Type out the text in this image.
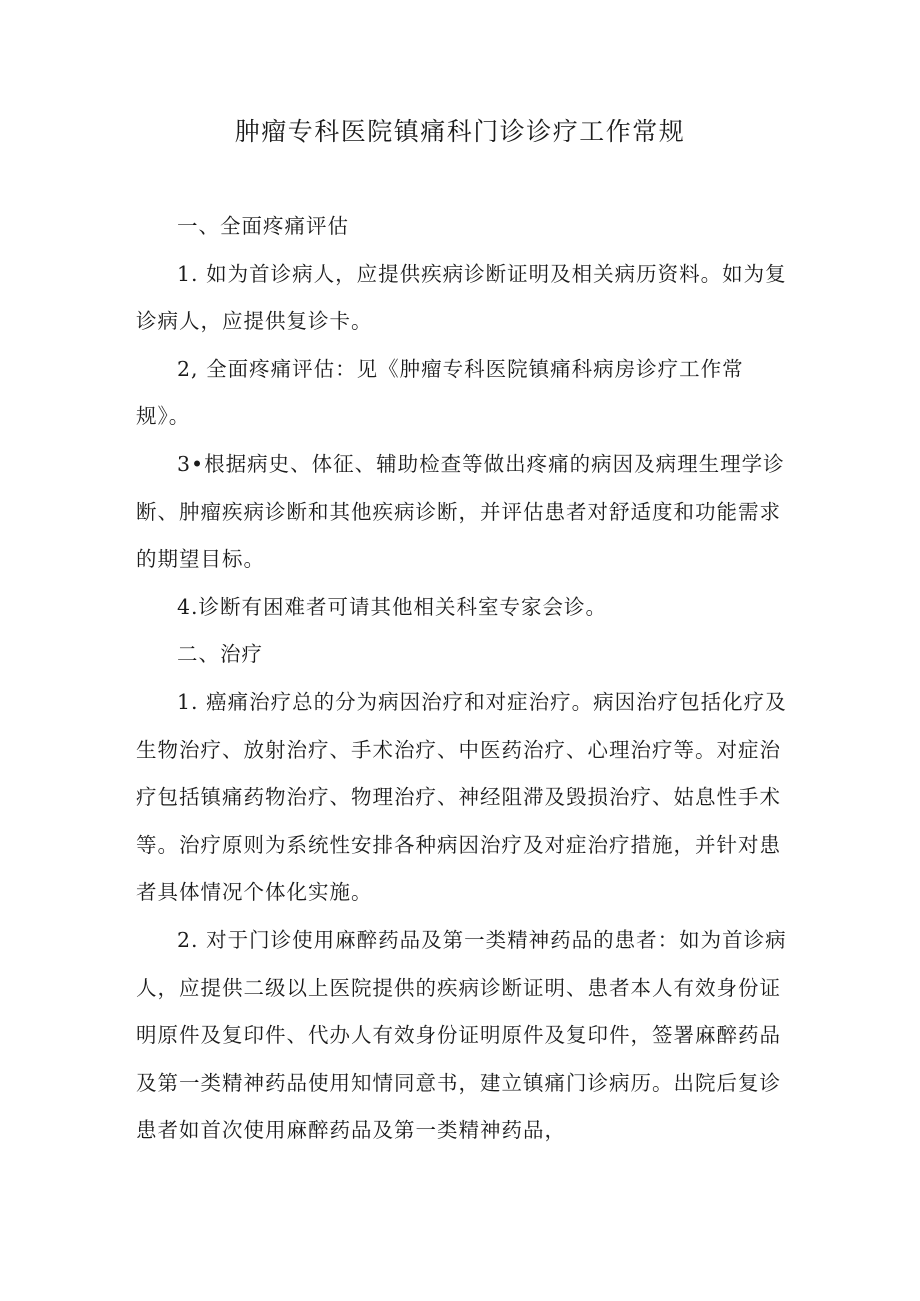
肿瘤专科医院镇痛科门诊诊疗工作常规

一、全面疼痛评估

1. 如为首诊病人，应提供疾病诊断证明及相关病历资料。如为复诊病人，应提供复诊卡。

2, 全面疼痛评估：见《肿瘤专科医院镇痛科病房诊疗工作常规》。

3•根据病史、体征、辅助检查等做出疼痛的病因及病理生理学诊断、肿瘤疾病诊断和其他疾病诊断，并评估患者对舒适度和功能需求的期望目标。

4.诊断有困难者可请其他相关科室专家会诊。

二、治疗

1. 癌痛治疗总的分为病因治疗和对症治疗。病因治疗包括化疗及生物治疗、放射治疗、手术治疗、中医药治疗、心理治疗等。对症治疗包括镇痛药物治疗、物理治疗、神经阻滞及毁损治疗、姑息性手术等。治疗原则为系统性安排各种病因治疗及对症治疗措施，并针对患者具体情况个体化实施。

2. 对于门诊使用麻醉药品及第一类精神药品的患者：如为首诊病人，应提供二级以上医院提供的疾病诊断证明、患者本人有效身份证明原件及复印件、代办人有效身份证明原件及复印件，签署麻醉药品及第一类精神药品使用知情同意书，建立镇痛门诊病历。出院后复诊患者如首次使用麻醉药品及第一类精神药品，
